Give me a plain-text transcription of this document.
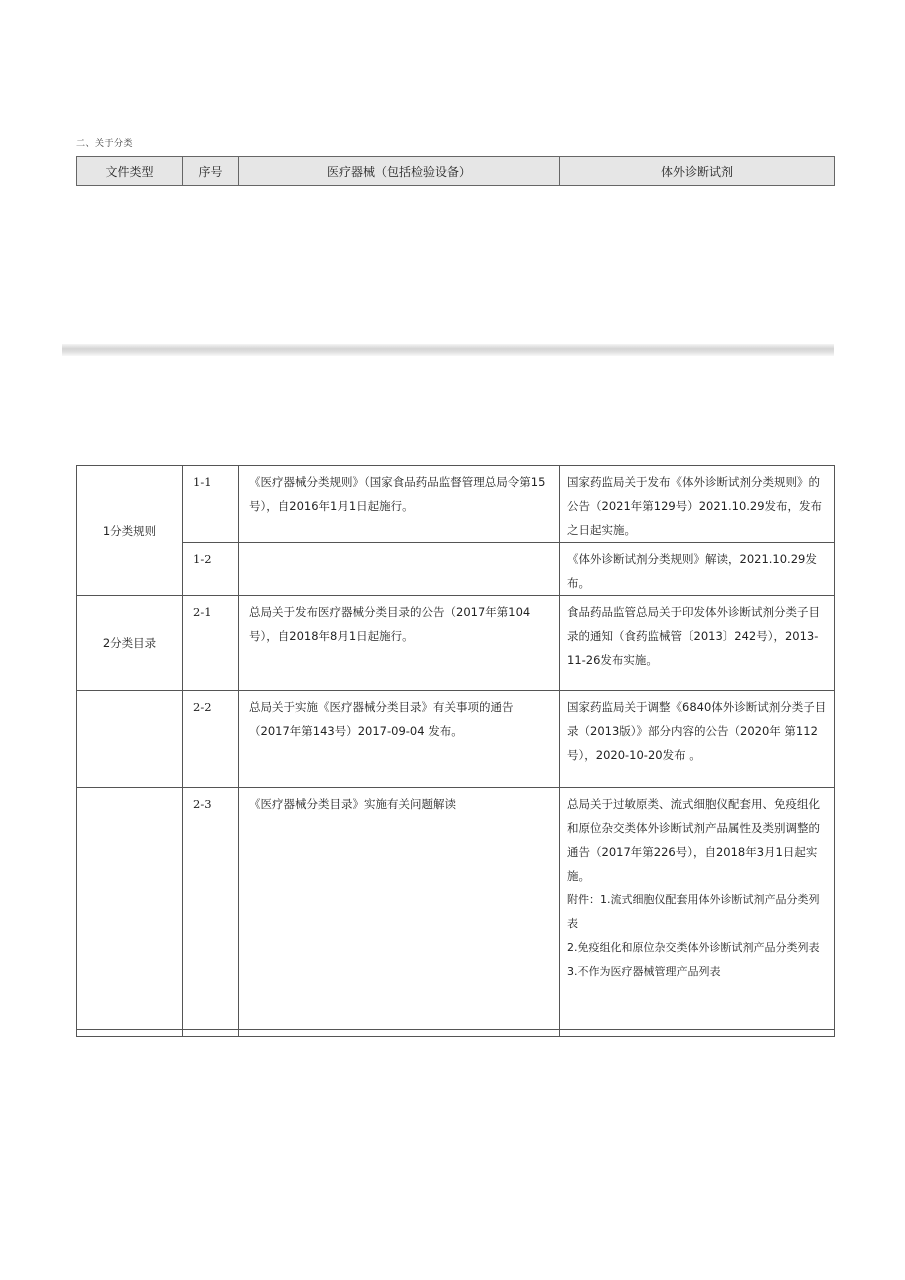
二、关于分类
文件类型	序号	医疗器械（包括检验设备）	体外诊断试剂
1分类规则	1-1	《医疗器械分类规则》（国家食品药品监督管理总局令第15号），自2016年1月1日起施行。	国家药监局关于发布《体外诊断试剂分类规则》的公告（2021年第129号）2021.10.29发布，发布之日起实施。
	1-2		《体外诊断试剂分类规则》解读，2021.10.29发布。
2分类目录	2-1	总局关于发布医疗器械分类目录的公告（2017年第104号），自2018年8月1日起施行。	食品药品监管总局关于印发体外诊断试剂分类子目录的通知（食药监械管〔2013〕242号），2013-11-26发布实施。
	2-2	总局关于实施《医疗器械分类目录》有关事项的通告（2017年第143号）2017-09-04 发布。	国家药监局关于调整《6840体外诊断试剂分类子目录（2013版）》部分内容的公告（2020年 第112号），2020-10-20发布 。
	2-3	《医疗器械分类目录》实施有关问题解读	总局关于过敏原类、流式细胞仪配套用、免疫组化和原位杂交类体外诊断试剂产品属性及类别调整的通告（2017年第226号），自2018年3月1日起实施。
附件：1.流式细胞仪配套用体外诊断试剂产品分类列表
2.免疫组化和原位杂交类体外诊断试剂产品分类列表
3.不作为医疗器械管理产品列表
